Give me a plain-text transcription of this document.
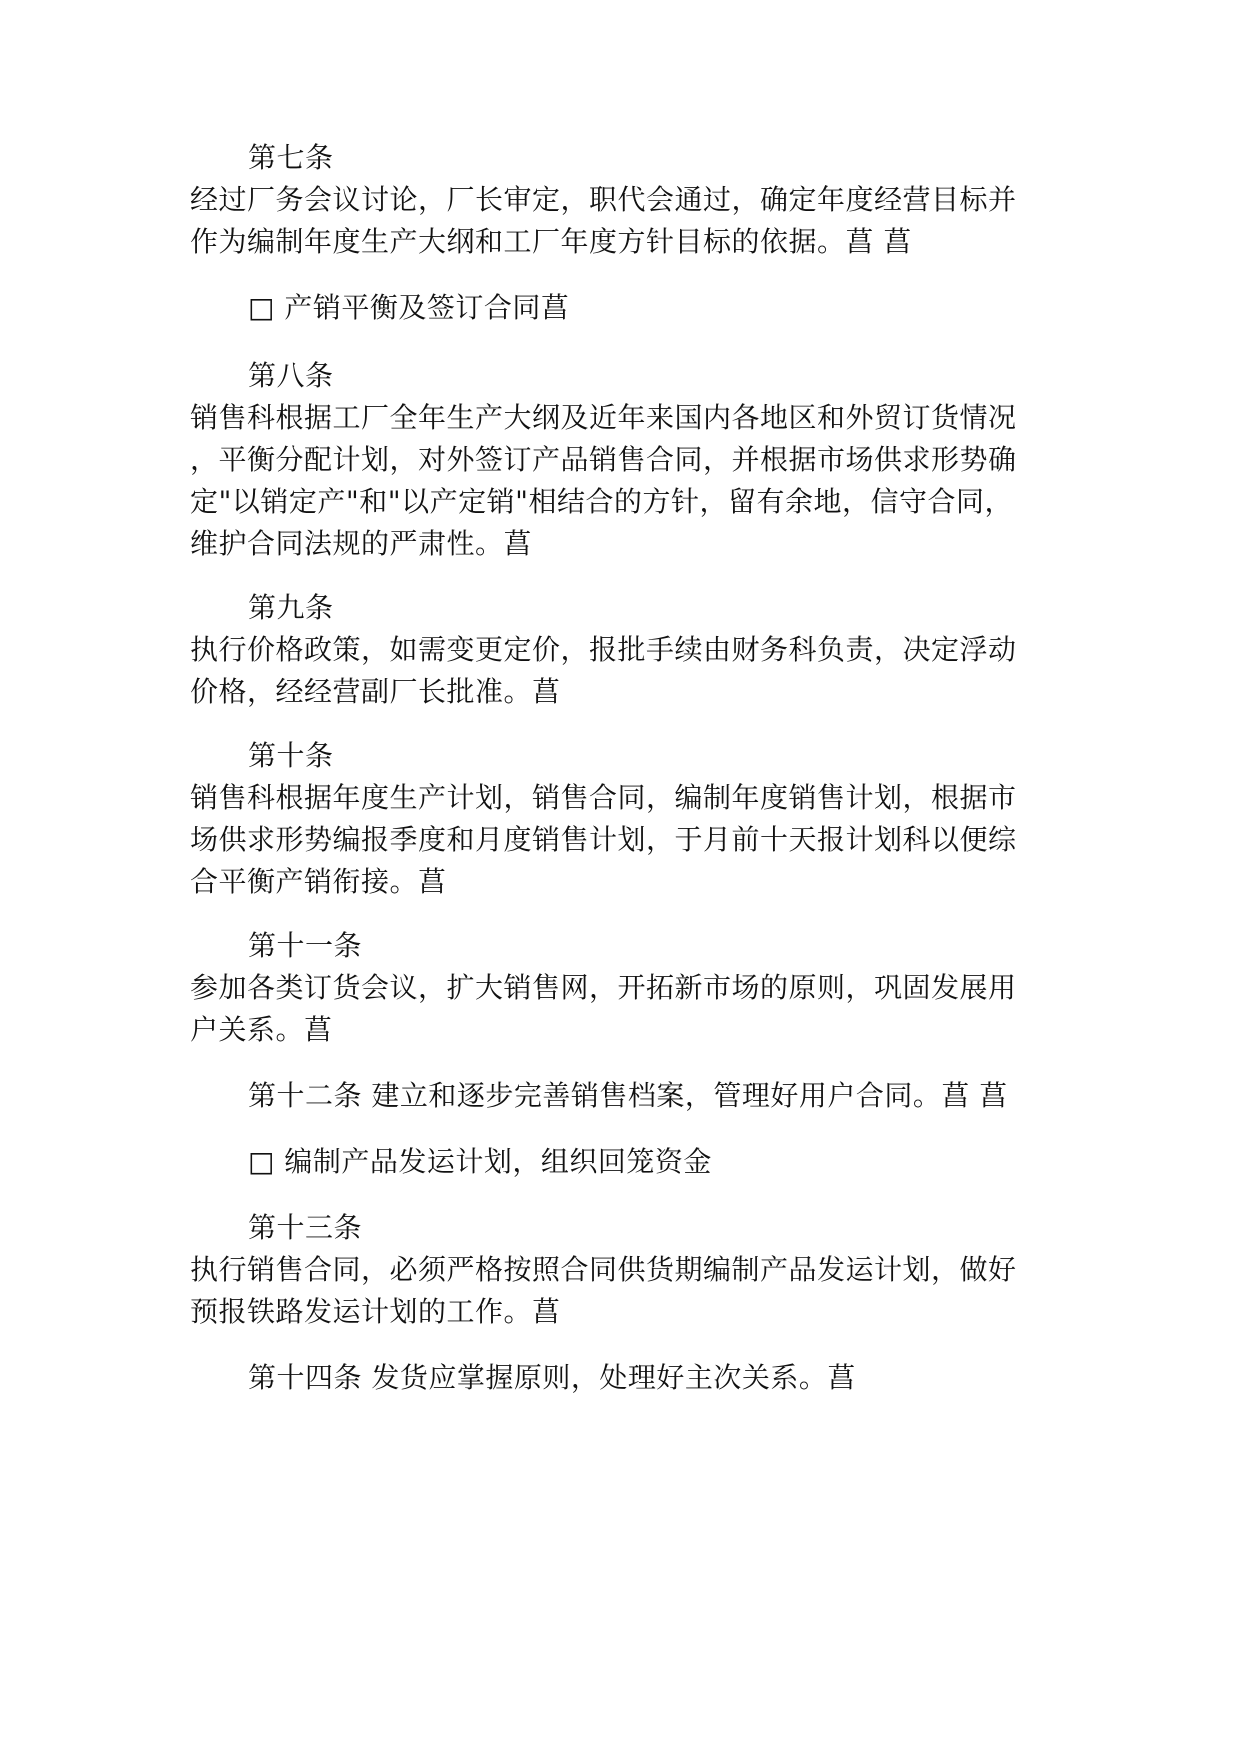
第七条
经过厂务会议讨论，厂长审定，职代会通过，确定年度经营目标并
作为编制年度生产大纲和工厂年度方针目标的依据。菖 菖
□ 产销平衡及签订合同菖
第八条
销售科根据工厂全年生产大纲及近年来国内各地区和外贸订货情况
，平衡分配计划，对外签订产品销售合同，并根据市场供求形势确
定"以销定产"和"以产定销"相结合的方针，留有余地，信守合同，
维护合同法规的严肃性。菖
第九条
执行价格政策，如需变更定价，报批手续由财务科负责，决定浮动
价格，经经营副厂长批准。菖
第十条
销售科根据年度生产计划，销售合同，编制年度销售计划，根据市
场供求形势编报季度和月度销售计划，于月前十天报计划科以便综
合平衡产销衔接。菖
第十一条
参加各类订货会议，扩大销售网，开拓新市场的原则，巩固发展用
户关系。菖
第十二条 建立和逐步完善销售档案，管理好用户合同。菖 菖
□ 编制产品发运计划，组织回笼资金
第十三条
执行销售合同，必须严格按照合同供货期编制产品发运计划，做好
预报铁路发运计划的工作。菖
第十四条 发货应掌握原则，处理好主次关系。菖
